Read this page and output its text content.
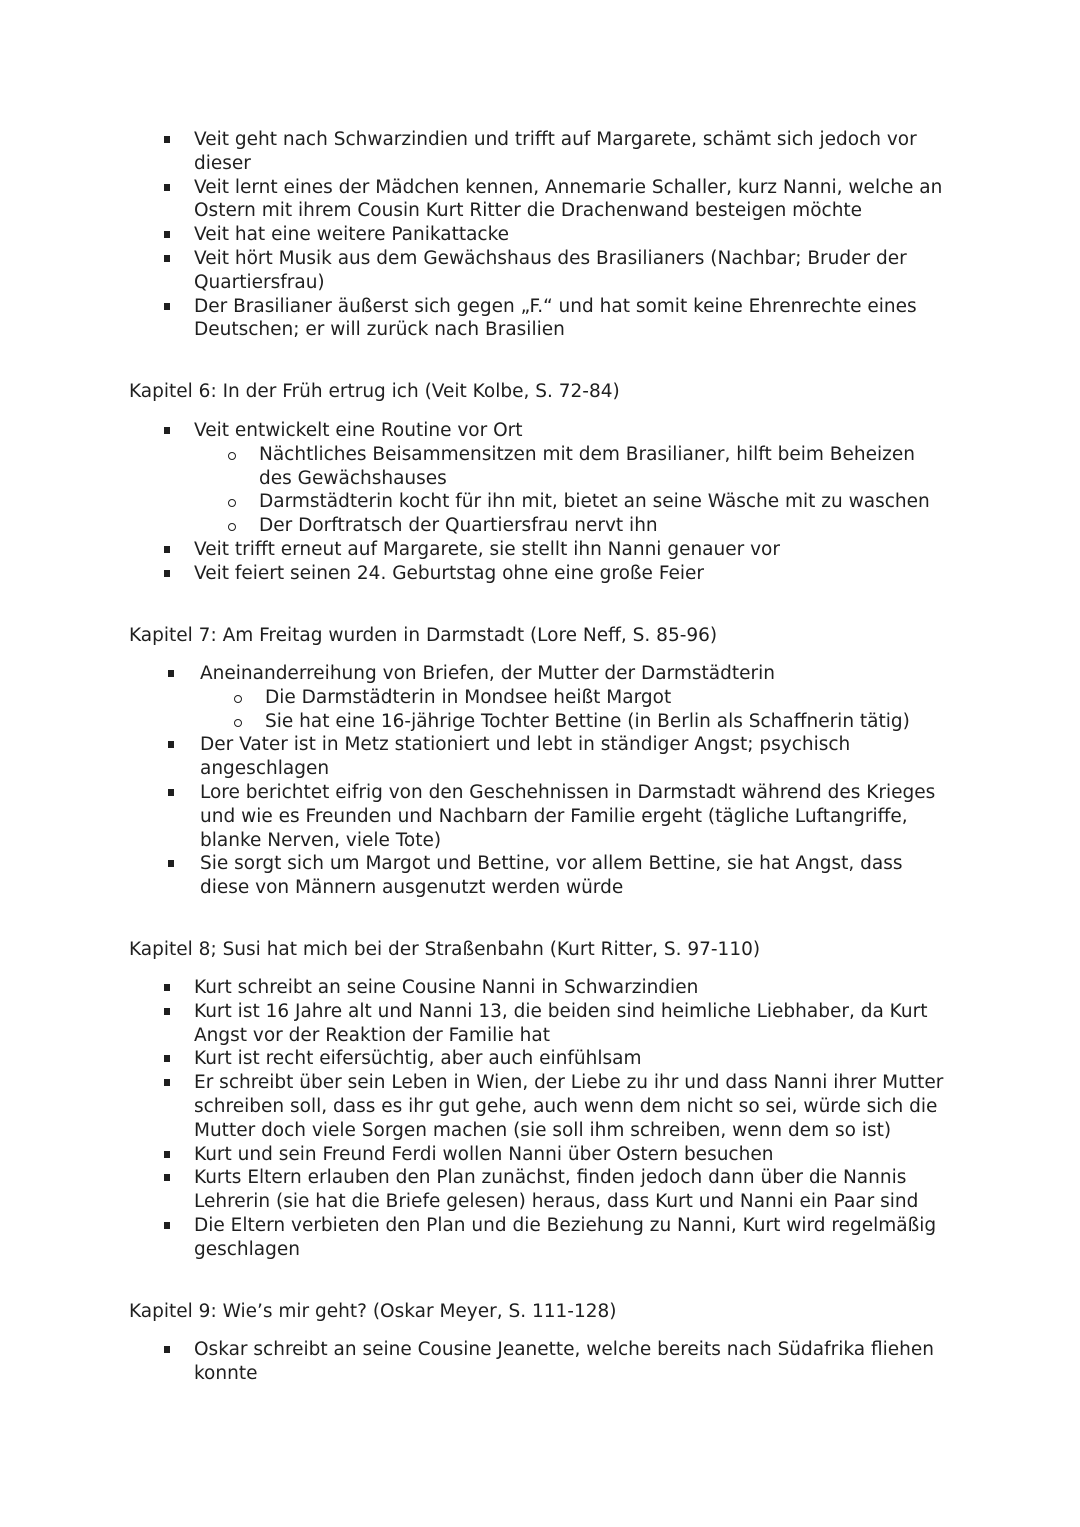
Veit geht nach Schwarzindien und trifft auf Margarete, schämt sich jedoch vor dieser
Veit lernt eines der Mädchen kennen, Annemarie Schaller, kurz Nanni, welche an Ostern mit ihrem Cousin Kurt Ritter die Drachenwand besteigen möchte
Veit hat eine weitere Panikattacke
Veit hört Musik aus dem Gewächshaus des Brasilianers (Nachbar; Bruder der Quartiersfrau)
Der Brasilianer äußerst sich gegen „F.“ und hat somit keine Ehrenrechte eines Deutschen; er will zurück nach Brasilien
Kapitel 6: In der Früh ertrug ich (Veit Kolbe, S. 72-84)
Veit entwickelt eine Routine vor Ort
Nächtliches Beisammensitzen mit dem Brasilianer, hilft beim Beheizen des Gewächshauses
Darmstädterin kocht für ihn mit, bietet an seine Wäsche mit zu waschen
Der Dorftratsch der Quartiersfrau nervt ihn
Veit trifft erneut auf Margarete, sie stellt ihn Nanni genauer vor
Veit feiert seinen 24. Geburtstag ohne eine große Feier
Kapitel 7: Am Freitag wurden in Darmstadt (Lore Neff, S. 85-96)
Aneinanderreihung von Briefen, der Mutter der Darmstädterin
Die Darmstädterin in Mondsee heißt Margot
Sie hat eine 16-jährige Tochter Bettine (in Berlin als Schaffnerin tätig)
Der Vater ist in Metz stationiert und lebt in ständiger Angst; psychisch angeschlagen
Lore berichtet eifrig von den Geschehnissen in Darmstadt während des Krieges und wie es Freunden und Nachbarn der Familie ergeht (tägliche Luftangriffe, blanke Nerven, viele Tote)
Sie sorgt sich um Margot und Bettine, vor allem Bettine, sie hat Angst, dass diese von Männern ausgenutzt werden würde
Kapitel 8; Susi hat mich bei der Straßenbahn (Kurt Ritter, S. 97-110)
Kurt schreibt an seine Cousine Nanni in Schwarzindien
Kurt ist 16 Jahre alt und Nanni 13, die beiden sind heimliche Liebhaber, da Kurt Angst vor der Reaktion der Familie hat
Kurt ist recht eifersüchtig, aber auch einfühlsam
Er schreibt über sein Leben in Wien, der Liebe zu ihr und dass Nanni ihrer Mutter schreiben soll, dass es ihr gut gehe, auch wenn dem nicht so sei, würde sich die Mutter doch viele Sorgen machen (sie soll ihm schreiben, wenn dem so ist)
Kurt und sein Freund Ferdi wollen Nanni über Ostern besuchen
Kurts Eltern erlauben den Plan zunächst, finden jedoch dann über die Nannis Lehrerin (sie hat die Briefe gelesen) heraus, dass Kurt und Nanni ein Paar sind
Die Eltern verbieten den Plan und die Beziehung zu Nanni, Kurt wird regelmäßig geschlagen
Kapitel 9: Wie’s mir geht? (Oskar Meyer, S. 111-128)
Oskar schreibt an seine Cousine Jeanette, welche bereits nach Südafrika fliehen konnte
